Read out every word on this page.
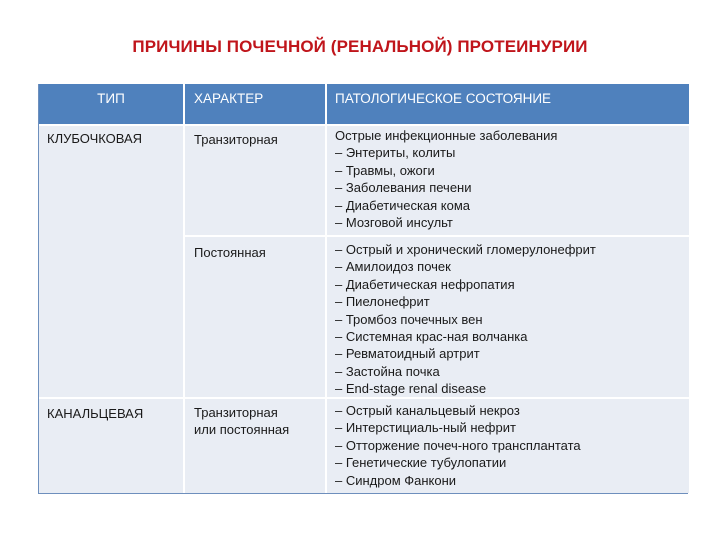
ПРИЧИНЫ ПОЧЕЧНОЙ (РЕНАЛЬНОЙ) ПРОТЕИНУРИИ
ТИП	ХАРАКТЕР	ПАТОЛОГИЧЕСКОЕ СОСТОЯНИЕ
КЛУБОЧКОВАЯ	Транзиторная	Острые инфекционные заболевания
– Энтериты, колиты
– Травмы, ожоги
– Заболевания печени
– Диабетическая кома
– Мозговой инсульт
Постоянная	– Острый и хронический гломерулонефрит
– Амилоидоз почек
– Диабетическая нефропатия
– Пиелонефрит
– Тромбоз почечных вен
– Системная крас-ная волчанка
– Ревматоидный артрит
– Застойна почка
– End-stage renal disease
КАНАЛЬЦЕВАЯ	Транзиторная
или постоянная
– Острый канальцевый некроз
– Интерстициаль-ный нефрит
– Отторжение почеч-ного трансплантата
– Генетические тубулопатии
– Синдром Фанкони
